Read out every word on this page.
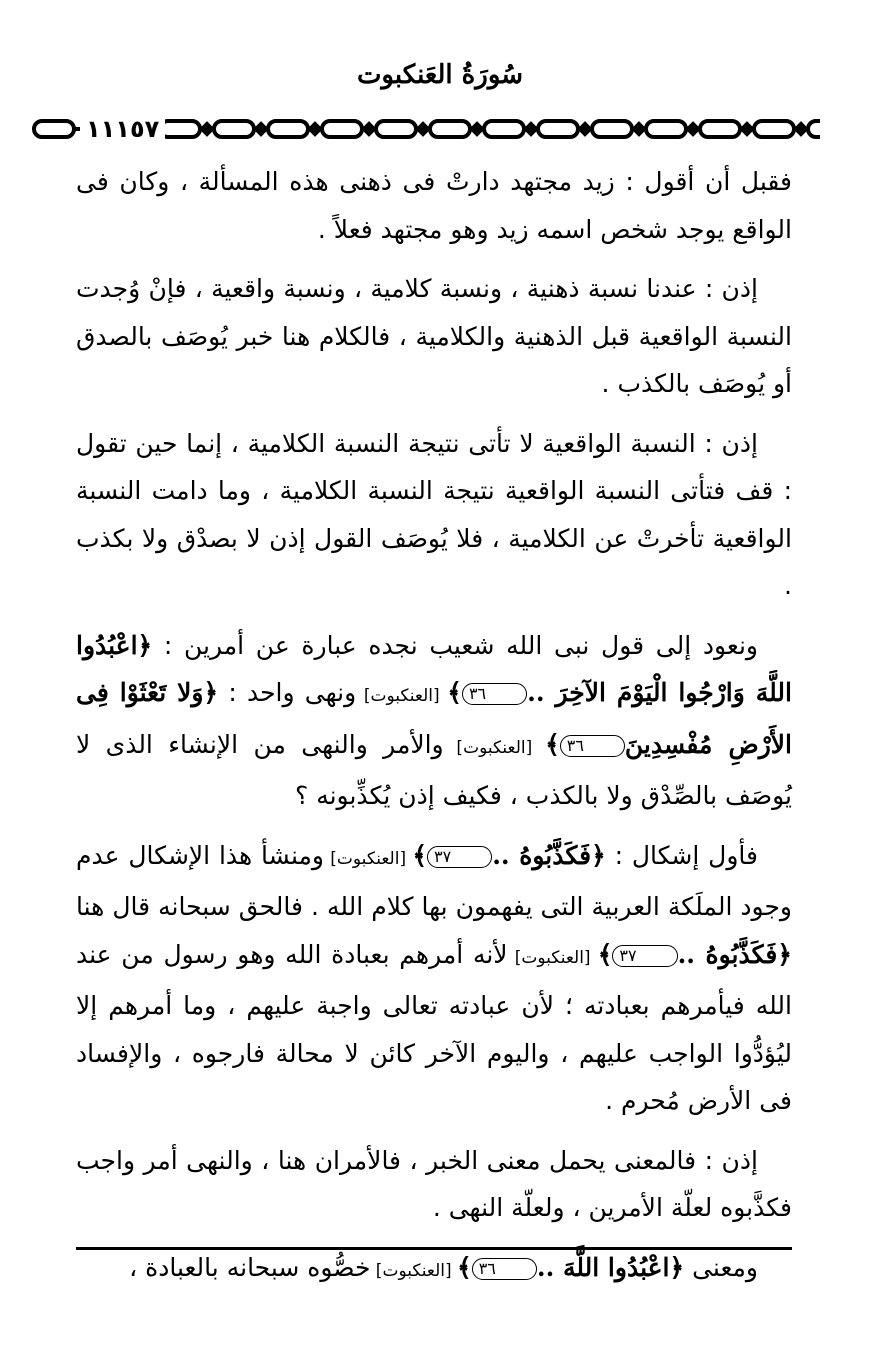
سُورَةُ العَنكبوت
١١١٥٧

فقبل أن أقول : زيد مجتهد دارتْ فى ذهنى هذه المسألة ، وكان فى الواقع يوجد شخص اسمه زيد وهو مجتهد فعلاً .

إذن : عندنا نسبة ذهنية ، ونسبة كلامية ، ونسبة واقعية ، فإنْ وُجدت النسبة الواقعية قبل الذهنية والكلامية ، فالكلام هنا خبر يُوصَف بالصدق أو يُوصَف بالكذب .

إذن : النسبة الواقعية لا تأتى نتيجة النسبة الكلامية ، إنما حين تقول : قف فتأتى النسبة الواقعية نتيجة النسبة الكلامية ، وما دامت النسبة الواقعية تأخرتْ عن الكلامية ، فلا يُوصَف القول إذن لا بصدْق ولا بكذب .

ونعود إلى قول نبى الله شعيب نجده عبارة عن أمرين : ﴿اعْبُدُوا اللَّهَ وَارْجُوا الْيَوْمَ الآخِرَ ..٣٦﴾ [العنكبوت] ونهى واحد : ﴿وَلا تَعْثَوْا فِى الأَرْضِ مُفْسِدِينَ٣٦﴾ [العنكبوت] والأمر والنهى من الإنشاء الذى لا يُوصَف بالصِّدْق ولا بالكذب ، فكيف إذن يُكذِّبونه ؟

فأول إشكال : ﴿فَكَذَّبُوهُ ..٣٧﴾ [العنكبوت] ومنشأ هذا الإشكال عدم وجود الملَكة العربية التى يفهمون بها كلام الله . فالحق سبحانه قال هنا ﴿فَكَذَّبُوهُ ..٣٧﴾ [العنكبوت] لأنه أمرهم بعبادة الله وهو رسول من عند الله فيأمرهم بعبادته ؛ لأن عبادته تعالى واجبة عليهم ، وما أمرهم إلا ليُؤدُّوا الواجب عليهم ، واليوم الآخر كائن لا محالة فارجوه ، والإفساد فى الأرض مُحرم .

إذن : فالمعنى يحمل معنى الخبر ، فالأمران هنا ، والنهى أمر واجب فكذَّبوه لعلّة الأمرين ، ولعلّة النهى .

ومعنى ﴿اعْبُدُوا اللَّهَ ..٣٦﴾ [العنكبوت] خصُّوه سبحانه بالعبادة ،
